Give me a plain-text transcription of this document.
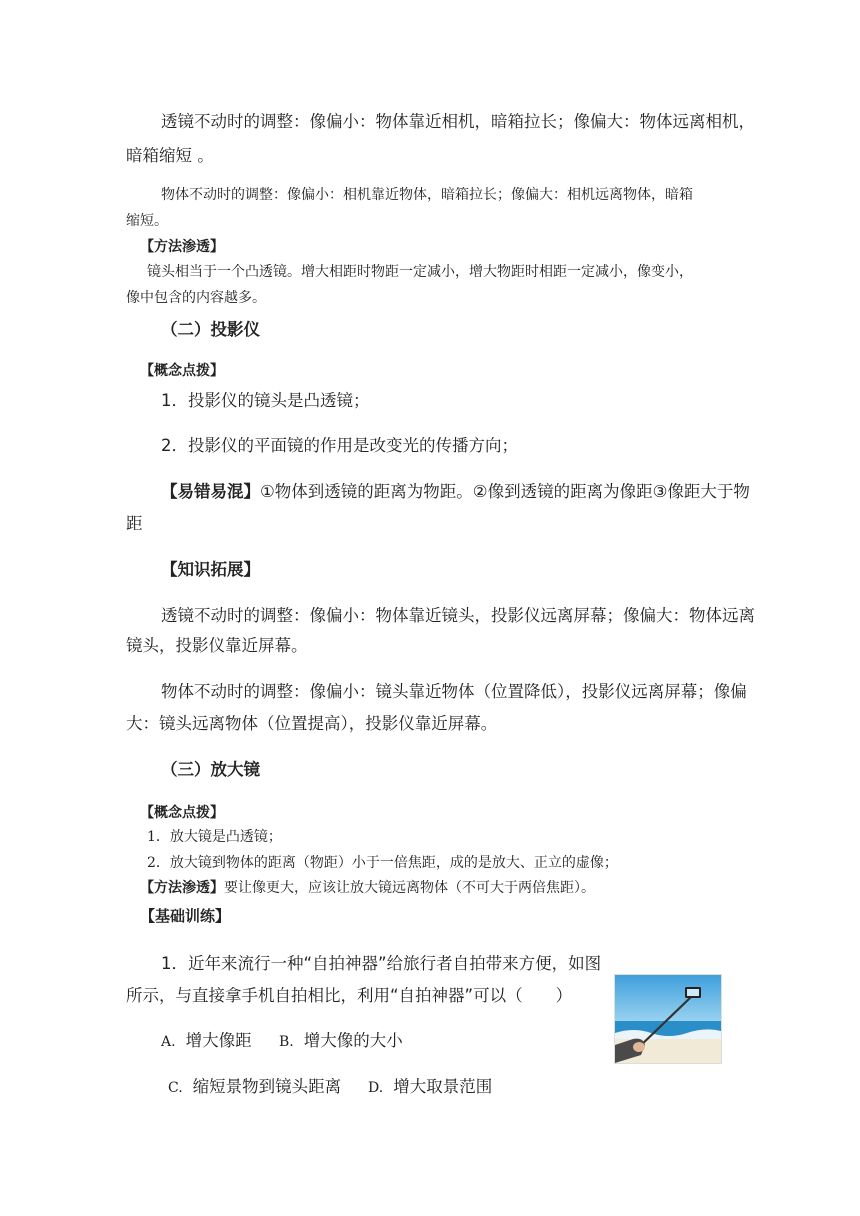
透镜不动时的调整：像偏小：物体靠近相机，暗箱拉长；像偏大：物体远离相机，
暗箱缩短 。
物体不动时的调整：像偏小：相机靠近物体，暗箱拉长；像偏大：相机远离物体，暗箱
缩短。
【方法渗透】
镜头相当于一个凸透镜。增大相距时物距一定减小，增大物距时相距一定减小，像变小，
像中包含的内容越多。
（二）投影仪
【概念点拨】
1．投影仪的镜头是凸透镜；
2．投影仪的平面镜的作用是改变光的传播方向；
【易错易混】①物体到透镜的距离为物距。②像到透镜的距离为像距③像距大于物
距
【知识拓展】
透镜不动时的调整：像偏小：物体靠近镜头，投影仪远离屏幕；像偏大：物体远离
镜头，投影仪靠近屏幕。
物体不动时的调整：像偏小：镜头靠近物体（位置降低），投影仪远离屏幕；像偏
大：镜头远离物体（位置提高），投影仪靠近屏幕。
（三）放大镜
【概念点拨】
1．放大镜是凸透镜；
2．放大镜到物体的距离（物距）小于一倍焦距，成的是放大、正立的虚像；
【方法渗透】要让像更大，应该让放大镜远离物体（不可大于两倍焦距）。
【基础训练】
1．近年来流行一种“自拍神器”给旅行者自拍带来方便，如图
所示，与直接拿手机自拍相比，利用“自拍神器”可以（　　）
A. 增大像距 B. 增大像的大小
C. 缩短景物到镜头距离 D. 增大取景范围
